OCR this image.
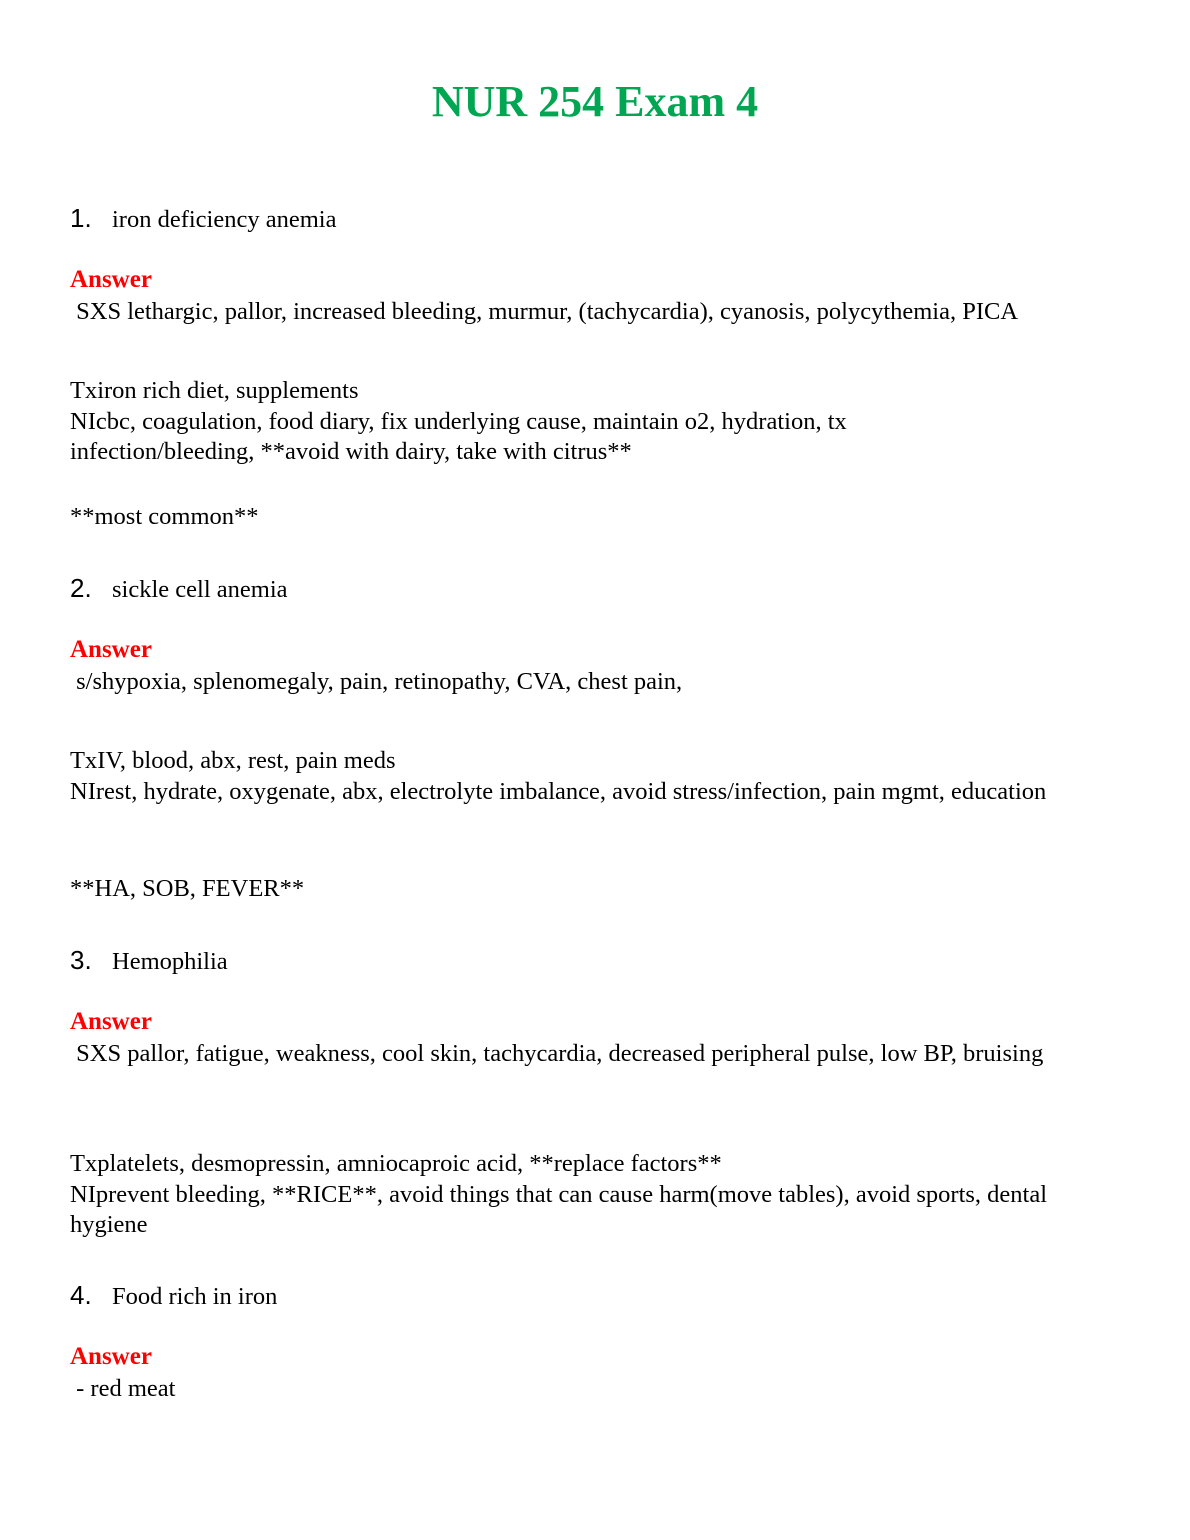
NUR 254 Exam 4
1. iron deficiency anemia
Answer
SXS lethargic, pallor, increased bleeding, murmur, (tachycardia), cyanosis, polycythemia, PICA
Txiron rich diet, supplements
NIcbc, coagulation, food diary, fix underlying cause, maintain o2, hydration, tx infection/bleeding, **avoid with dairy, take with citrus**
**most common**
2. sickle cell anemia
Answer
s/shypoxia, splenomegaly, pain, retinopathy, CVA, chest pain,
TxIV, blood, abx, rest, pain meds
NIrest, hydrate, oxygenate, abx, electrolyte imbalance, avoid stress/infection, pain mgmt, education
**HA, SOB, FEVER**
3. Hemophilia
Answer
SXS pallor, fatigue, weakness, cool skin, tachycardia, decreased peripheral pulse, low BP, bruising
Txplatelets, desmopressin, amniocaproic acid, **replace factors**
NIprevent bleeding, **RICE**, avoid things that can cause harm(move tables), avoid sports, dental hygiene
4. Food rich in iron
Answer
- red meat
